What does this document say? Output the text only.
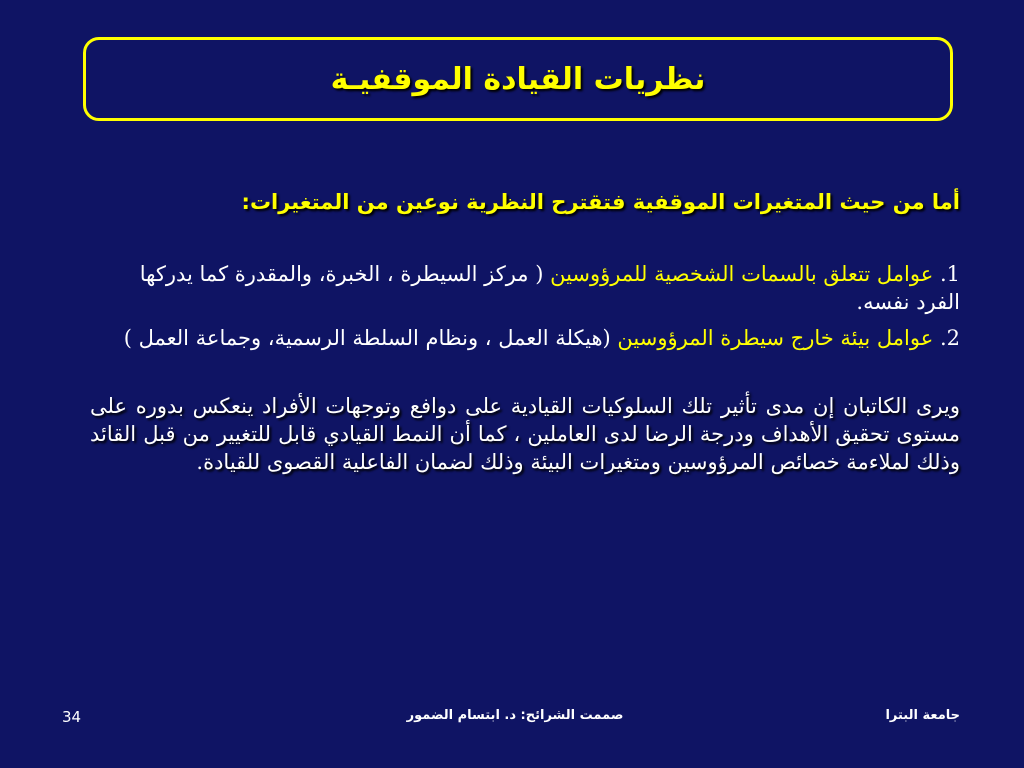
نظريات القيادة الموقفيـة

أما من حيث المتغيرات الموقفية فتقترح النظرية نوعين من المتغيرات:

1. عوامل تتعلق بالسمات الشخصية للمرؤوسين ( مركز السيطرة ، الخبرة، والمقدرة كما يدركها الفرد نفسه.
2. عوامل بيئة خارج سيطرة المرؤوسين (هيكلة العمل ، ونظام السلطة الرسمية، وجماعة العمل )

ويرى الكاتبان إن مدى تأثير تلك السلوكيات القيادية على دوافع وتوجهات الأفراد ينعكس بدوره على مستوى تحقيق الأهداف ودرجة الرضا لدى العاملين ، كما أن النمط القيادي قابل للتغيير من قبل القائد وذلك لملاءمة خصائص المرؤوسين ومتغيرات البيئة وذلك لضمان الفاعلية القصوى للقيادة.

34	صممت الشرائح: د. ابتسام الضمور	جامعة البترا
